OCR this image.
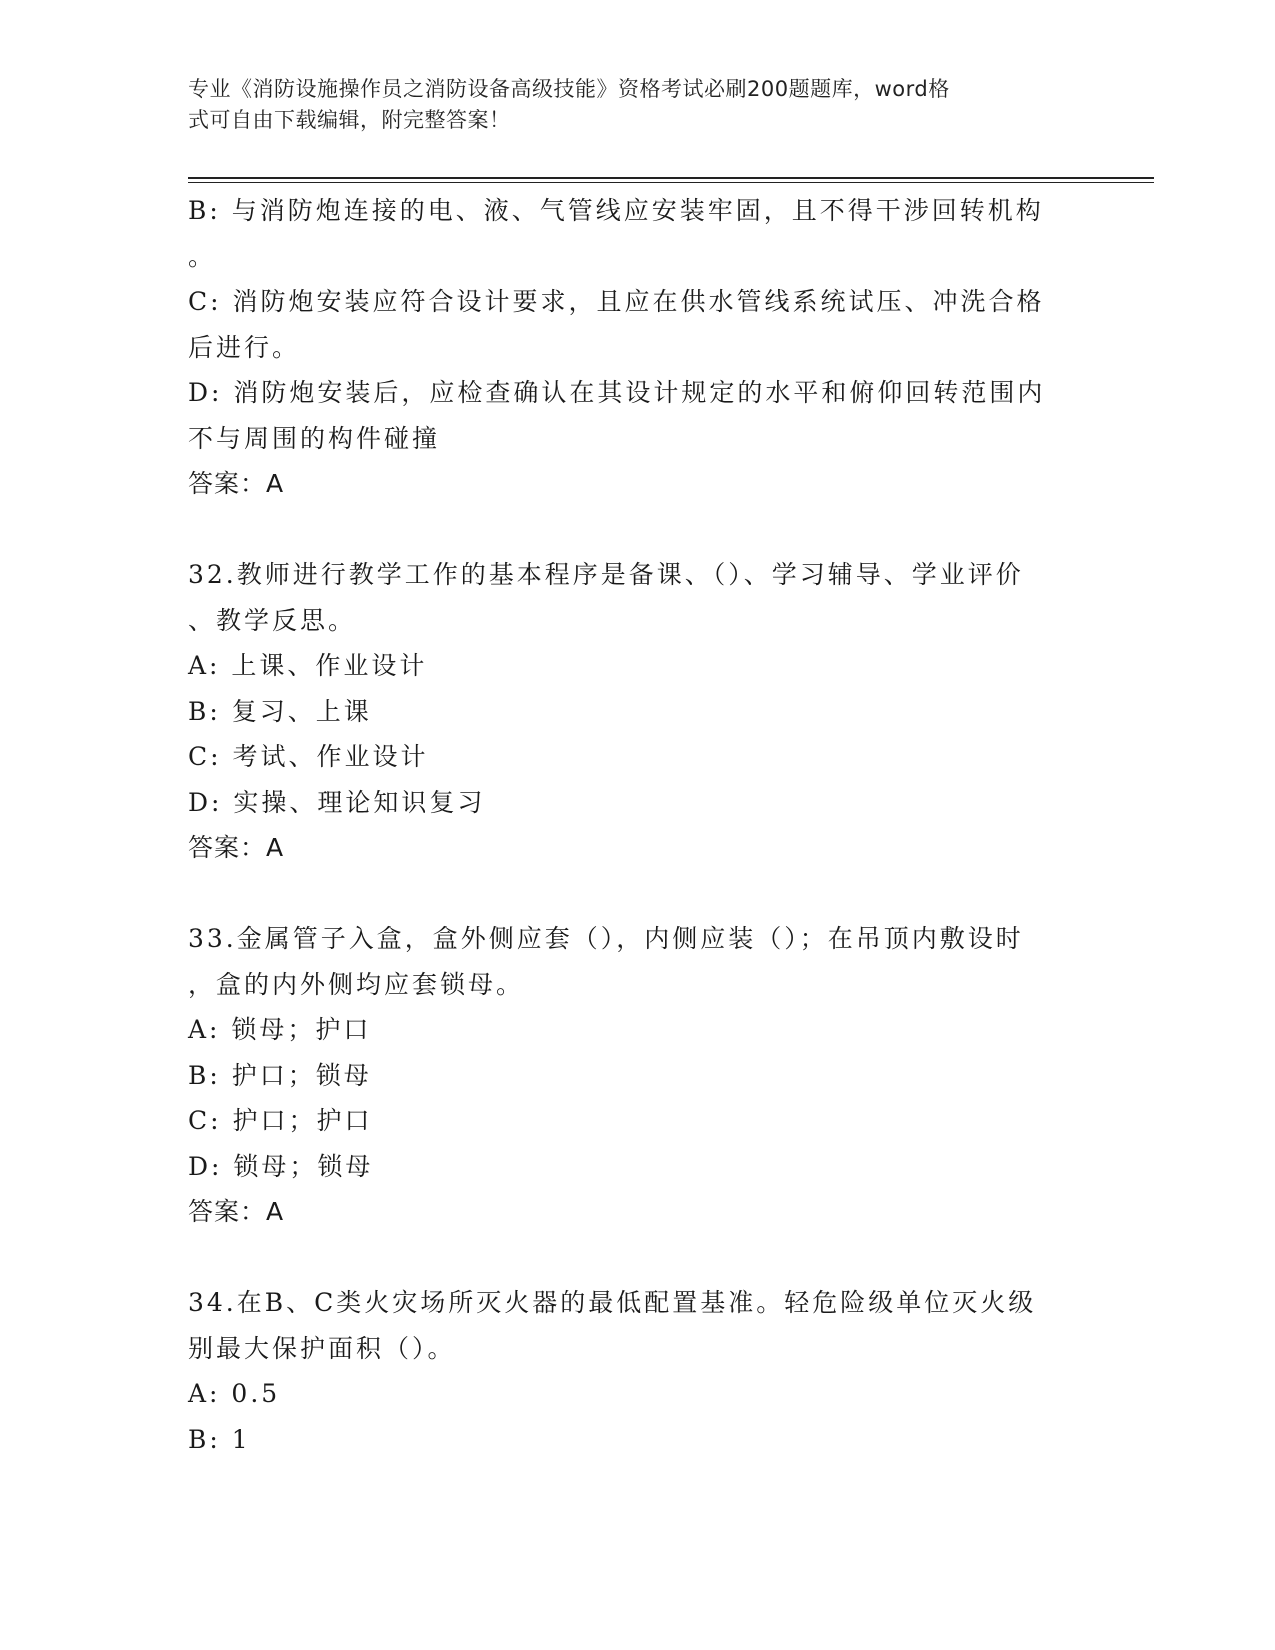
专业《消防设施操作员之消防设备高级技能》资格考试必刷200题题库，word格
式可自由下载编辑，附完整答案！
B: 与消防炮连接的电、液、气管线应安装牢固，且不得干涉回转机构
。
C: 消防炮安装应符合设计要求，且应在供水管线系统试压、冲洗合格
后进行。
D: 消防炮安装后，应检查确认在其设计规定的水平和俯仰回转范围内
不与周围的构件碰撞
答案：A
32.教师进行教学工作的基本程序是备课、（）、学习辅导、学业评价
、教学反思。
A: 上课、作业设计
B: 复习、上课
C: 考试、作业设计
D: 实操、理论知识复习
答案：A
33.金属管子入盒，盒外侧应套（），内侧应装（）；在吊顶内敷设时
，盒的内外侧均应套锁母。
A: 锁母；护口
B: 护口；锁母
C: 护口；护口
D: 锁母；锁母
答案：A
34.在B、C类火灾场所灭火器的最低配置基准。轻危险级单位灭火级
别最大保护面积（）。
A: 0.5
B: 1
